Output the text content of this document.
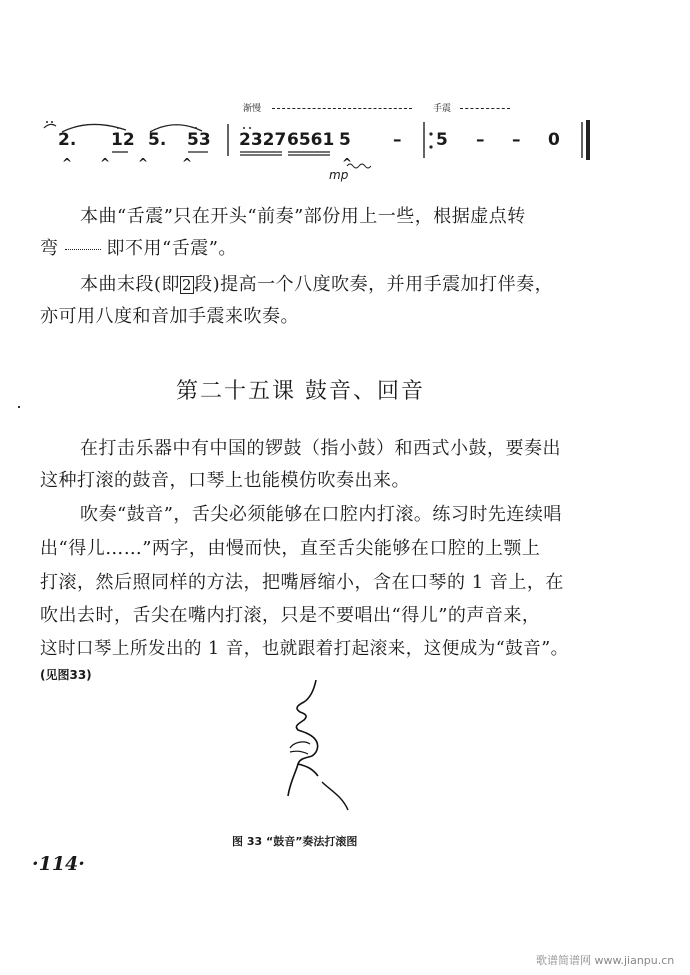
渐慢	手震
2. 12 5. 53 2327 6561 5 – 5 – – 0
^ ^ ^	^	^
mp

本曲“舌震”只在开头“前奏”部份用上一些，根据虚点转

弯	即不用“舌震”。

本曲末段(即 2 段)提高一个八度吹奏，并用手震加打伴奏，

亦可用八度和音加手震来吹奏。

第二十五课 鼓音、回音

在打击乐器中有中国的锣鼓（指小鼓）和西式小鼓，要奏出

这种打滚的鼓音，口琴上也能模仿吹奏出来。

吹奏“鼓音”，舌尖必须能够在口腔内打滚。练习时先连续唱

出“得儿……”两字，由慢而快，直至舌尖能够在口腔的上颚上

打滚，然后照同样的方法，把嘴唇缩小，含在口琴的 1 音上，在

吹出去时，舌尖在嘴内打滚，只是不要唱出“得儿”的声音来，

这时口琴上所发出的 1 音，也就跟着打起滚来，这便成为“鼓音”。

(见图33)
图 33 “鼓音”奏法打滚图
·114·
歌谱简谱网 www.jianpu.cn
